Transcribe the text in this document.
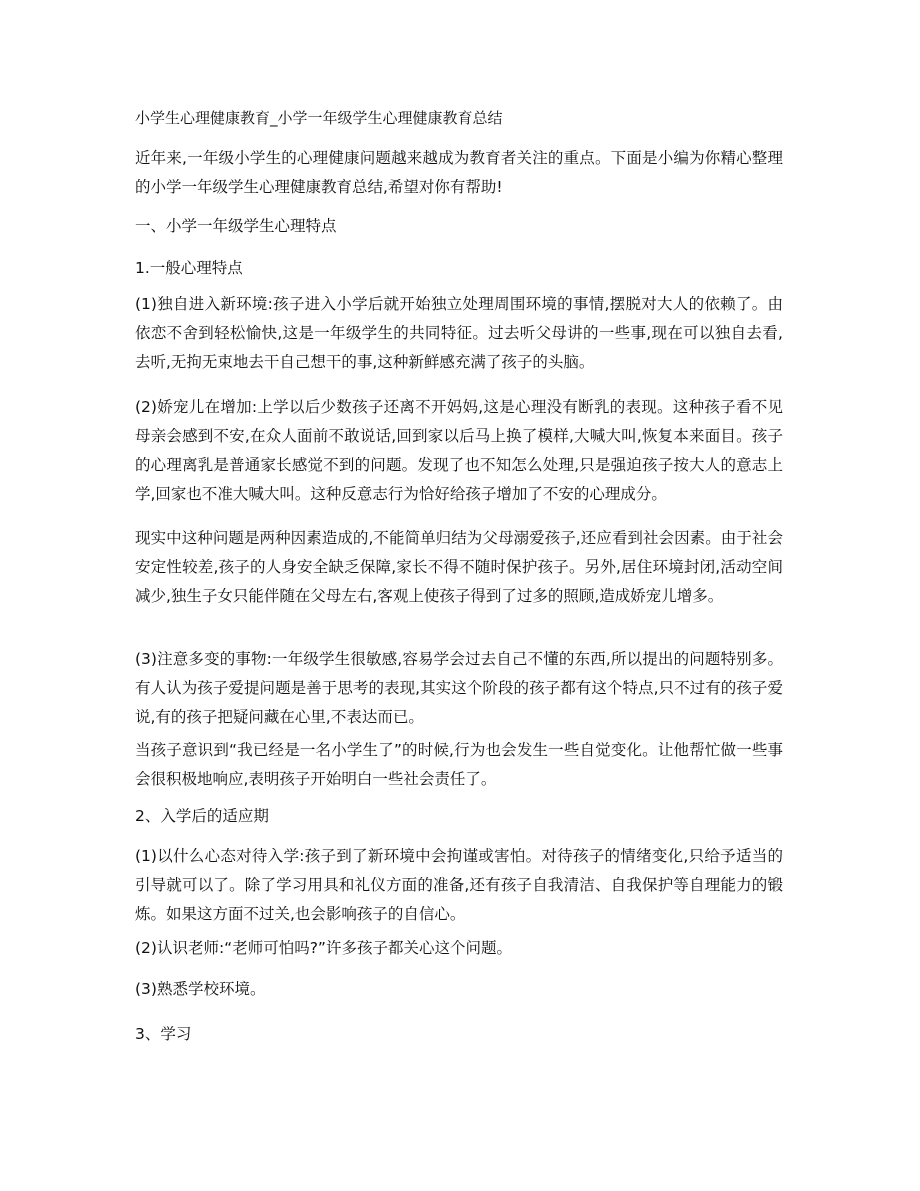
小学生心理健康教育_小学一年级学生心理健康教育总结

近年来,一年级小学生的心理健康问题越来越成为教育者关注的重点。下面是小编为你精心整理的小学一年级学生心理健康教育总结,希望对你有帮助!

一、小学一年级学生心理特点

1.一般心理特点

(1)独自进入新环境:孩子进入小学后就开始独立处理周围环境的事情,摆脱对大人的依赖了。由依恋不舍到轻松愉快,这是一年级学生的共同特征。过去听父母讲的一些事,现在可以独自去看,去听,无拘无束地去干自己想干的事,这种新鲜感充满了孩子的头脑。

(2)娇宠儿在增加:上学以后少数孩子还离不开妈妈,这是心理没有断乳的表现。这种孩子看不见母亲会感到不安,在众人面前不敢说话,回到家以后马上换了模样,大喊大叫,恢复本来面目。孩子的心理离乳是普通家长感觉不到的问题。发现了也不知怎么处理,只是强迫孩子按大人的意志上学,回家也不准大喊大叫。这种反意志行为恰好给孩子增加了不安的心理成分。

现实中这种问题是两种因素造成的,不能简单归结为父母溺爱孩子,还应看到社会因素。由于社会安定性较差,孩子的人身安全缺乏保障,家长不得不随时保护孩子。另外,居住环境封闭,活动空间减少,独生子女只能伴随在父母左右,客观上使孩子得到了过多的照顾,造成娇宠儿增多。

(3)注意多变的事物:一年级学生很敏感,容易学会过去自己不懂的东西,所以提出的问题特别多。有人认为孩子爱提问题是善于思考的表现,其实这个阶段的孩子都有这个特点,只不过有的孩子爱说,有的孩子把疑问藏在心里,不表达而已。

当孩子意识到“我已经是一名小学生了”的时候,行为也会发生一些自觉变化。让他帮忙做一些事会很积极地响应,表明孩子开始明白一些社会责任了。

2、入学后的适应期

(1)以什么心态对待入学:孩子到了新环境中会拘谨或害怕。对待孩子的情绪变化,只给予适当的引导就可以了。除了学习用具和礼仪方面的准备,还有孩子自我清洁、自我保护等自理能力的锻炼。如果这方面不过关,也会影响孩子的自信心。

(2)认识老师:“老师可怕吗?”许多孩子都关心这个问题。

(3)熟悉学校环境。

3、学习
